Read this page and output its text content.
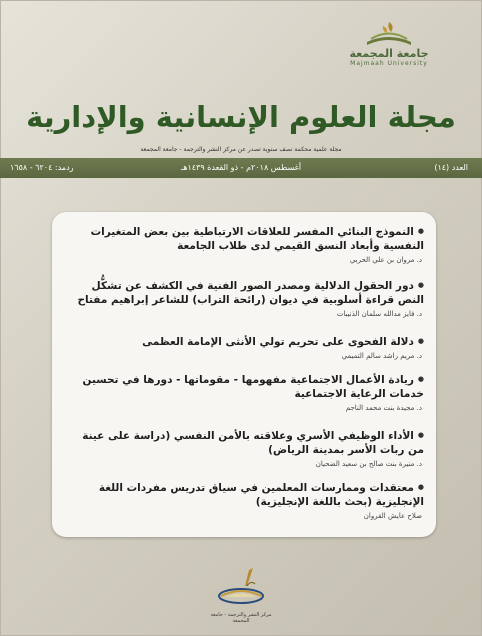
جامعة المجمعة
Majmaah University
مجلة العلوم الإنسانية والإدارية
مجلة علمية محكمة نصف سنوية تصدر عن مركز النشر والترجمة - جامعة المجمعة
العدد (١٤)
أغسطس ٢٠١٨م - ذو القعدة ١٤٣٩هـ
ردمد: ٦٢٠٤ - ١٦٥٨
● النموذج البنائي المفسر للعلاقات الارتباطية بين بعض المتغيرات النفسية وأبعاد النسق القيمي لدى طلاب الجامعة
د. مروان بن علي الحربي
● دور الحقول الدلالية ومصدر الصور الفنية في الكشف عن تشكُّل النص قراءة أسلوبية في ديوان (رائحة التراب) للشاعر إبراهيم مفتاح
د. فايز مدالله سلمان الذنيبات
● دلالة الفحوى على تحريم تولي الأنثى الإمامة العظمى
د. مريم راشد سالم التميمي
● ريادة الأعمال الاجتماعية مفهومها - مقوماتها - دورها في تحسين خدمات الرعاية الاجتماعية
د. مجيدة بنت محمد الناجم
● الأداء الوظيفي الأسري وعلاقته بالأمن النفسي (دراسة على عينة من ربات الأسر بمدينة الرياض)
د. منيرة بنت صالح بن سعيد الضحيان
● معتقدات وممارسات المعلمين في سياق تدريس مفردات اللغة الإنجليزية (بحث باللغة الإنجليزية)
صلاح عايش القروان
مركز النشر والترجمة - جامعة المجمعة
